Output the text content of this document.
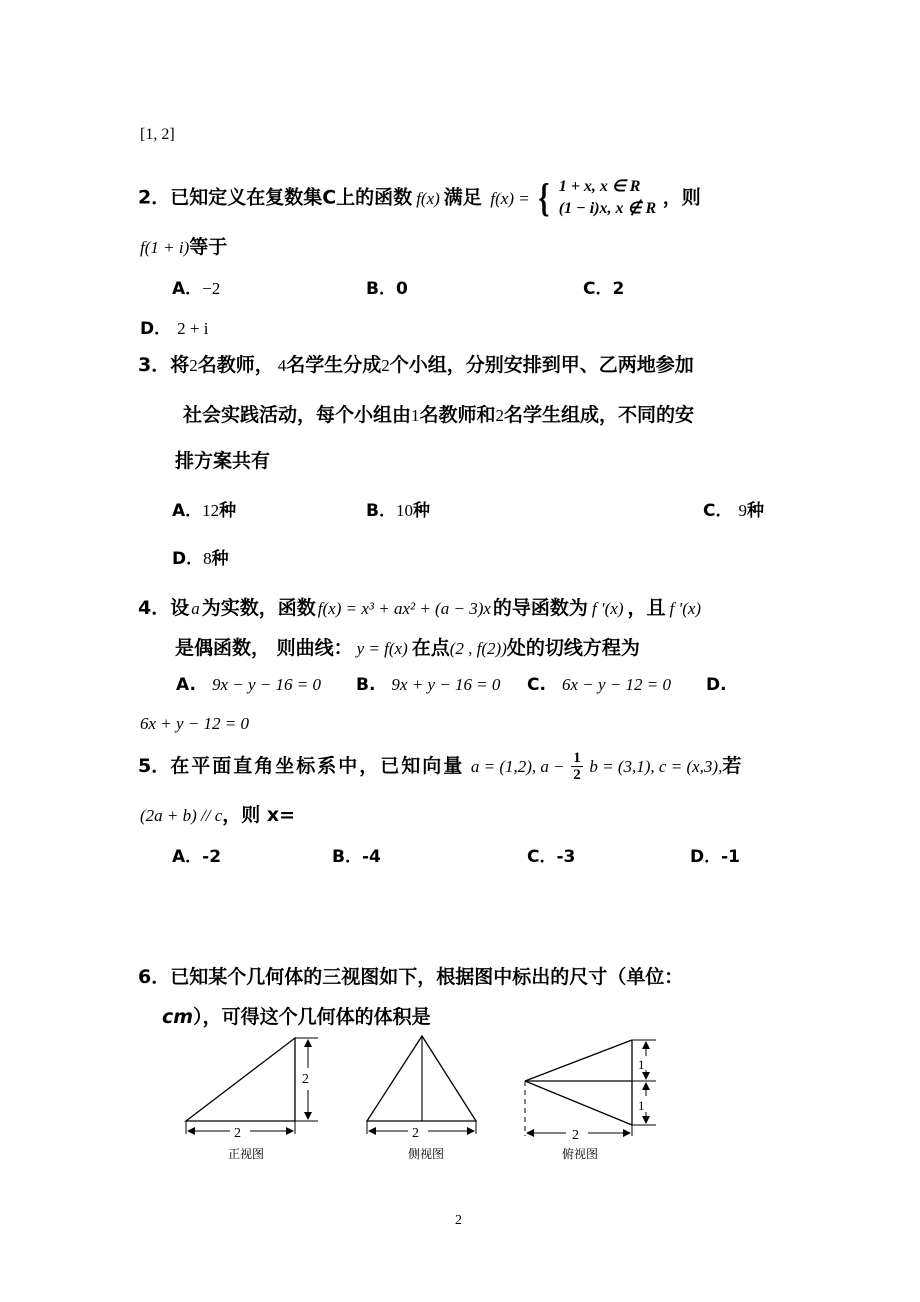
[1, 2]
2．已知定义在复数集C上的函数 f(x) 满足 f(x) = { 1 + x, x ∈ R
(1 − i)x, x ∉ R ，则
f(1 + i)等于
A．−2	B．0	C．2
D． 2 + i
3．将2名教师， 4名学生分成2个小组，分别安排到甲、乙两地参加
社会实践活动，每个小组由1名教师和2名学生组成，不同的安
排方案共有
A．12种	B．10种	C． 9种
D．8种
4．设 a 为实数，函数 f(x) = x³ + ax² + (a − 3)x 的导函数为 f ′(x) ，且 f ′(x)
是偶函数， 则曲线： y = f(x) 在点(2 , f(2))处的切线方程为
A. 9x − y − 16 = 0 B. 9x + y − 16 = 0 C. 6x − y − 12 = 0 D.
6x + y − 12 = 0
5．在平面直角坐标系中，已知向量 a = (1,2), $a - \frac{1}{2}$ b = (3,1), c = (x,3),若
(2a + b) // c，则 x=
A．-2	B．-4	C．-3	D．-1
6．已知某个几何体的三视图如下，根据图中标出的尺寸（单位：
cm），可得这个几何体的体积是
2
2
正视图
2
侧视图
2
1
1
俯视图
2
